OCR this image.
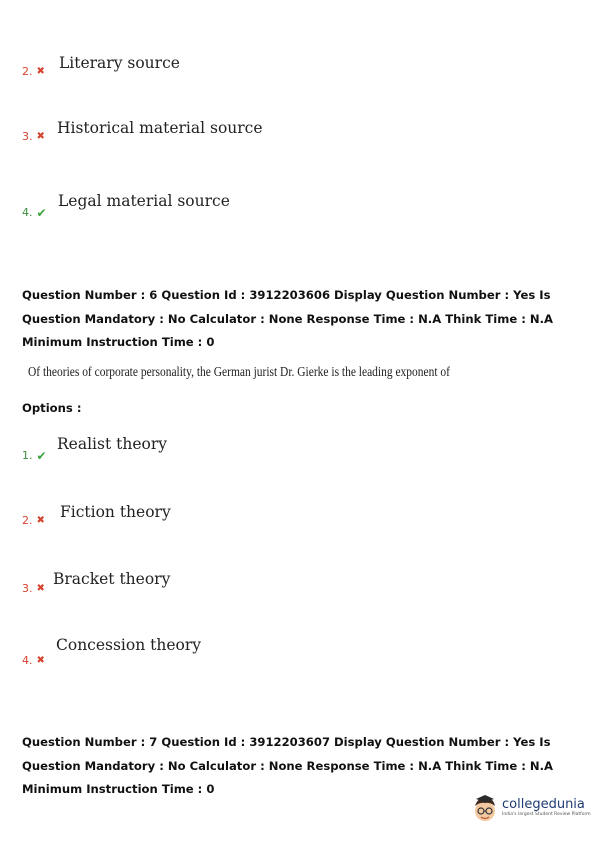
2. ✖ Literary source
3. ✖ Historical material source
4. ✔
Legal material source
Question Number : 6 Question Id : 3912203606 Display Question Number : Yes Is Question Mandatory : No Calculator : None Response Time : N.A Think Time : N.A Minimum Instruction Time : 0
Of theories of corporate personality, the German jurist Dr. Gierke is the leading exponent of
Options :
1. ✔
Realist theory
2. ✖ Fiction theory
3. ✖
Bracket theory
4. ✖
Concession theory
Question Number : 7 Question Id : 3912203607 Display Question Number : Yes Is Question Mandatory : No Calculator : None Response Time : N.A Think Time : N.A Minimum Instruction Time : 0
collegedunia
India's largest Student Review Platform
